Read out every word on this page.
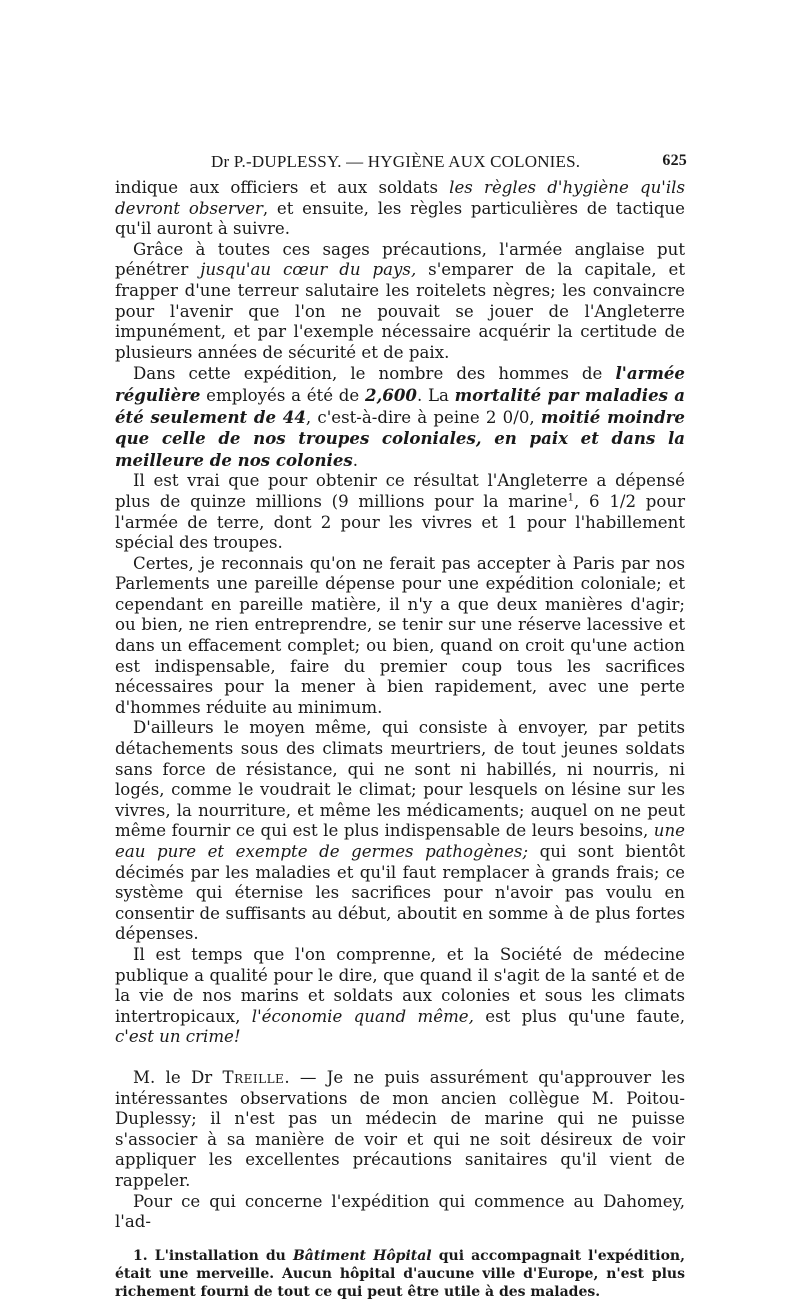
Dr P.-DUPLESSY. — HYGIÈNE AUX COLONIES.	625

indique aux officiers et aux soldats les règles d'hygiène qu'ils devront observer, et ensuite, les règles particulières de tactique qu'il auront à suivre.

Grâce à toutes ces sages précautions, l'armée anglaise put pénétrer jusqu'au cœur du pays, s'emparer de la capitale, et frapper d'une terreur salutaire les roitelets nègres; les convaincre pour l'avenir que l'on ne pouvait se jouer de l'Angleterre impunément, et par l'exemple nécessaire acquérir la certitude de plusieurs années de sécurité et de paix.

Dans cette expédition, le nombre des hommes de l'armée régulière employés a été de 2,600. La mortalité par maladies a été seulement de 44, c'est-à-dire à peine 2 0/0, moitié moindre que celle de nos troupes coloniales, en paix et dans la meilleure de nos colonies.

Il est vrai que pour obtenir ce résultat l'Angleterre a dépensé plus de quinze millions (9 millions pour la marine$^1$, 6 1/2 pour l'armée de terre, dont 2 pour les vivres et 1 pour l'habillement spécial des troupes.

Certes, je reconnais qu'on ne ferait pas accepter à Paris par nos Parlements une pareille dépense pour une expédition coloniale; et cependant en pareille matière, il n'y a que deux manières d'agir; ou bien, ne rien entreprendre, se tenir sur une réserve lacessive et dans un effacement complet; ou bien, quand on croit qu'une action est indispensable, faire du premier coup tous les sacrifices nécessaires pour la mener à bien rapidement, avec une perte d'hommes réduite au minimum.

D'ailleurs le moyen même, qui consiste à envoyer, par petits détachements sous des climats meurtriers, de tout jeunes soldats sans force de résistance, qui ne sont ni habillés, ni nourris, ni logés, comme le voudrait le climat; pour lesquels on lésine sur les vivres, la nourriture, et même les médicaments; auquel on ne peut même fournir ce qui est le plus indispensable de leurs besoins, une eau pure et exempte de germes pathogènes; qui sont bientôt décimés par les maladies et qu'il faut remplacer à grands frais; ce système qui éternise les sacrifices pour n'avoir pas voulu en consentir de suffisants au début, aboutit en somme à de plus fortes dépenses.

Il est temps que l'on comprenne, et la Société de médecine publique a qualité pour le dire, que quand il s'agit de la santé et de la vie de nos marins et soldats aux colonies et sous les climats intertropicaux, l'économie quand même, est plus qu'une faute, c'est un crime!

M. le Dr Treille. — Je ne puis assurément qu'approuver les intéressantes observations de mon ancien collègue M. Poitou-Duplessy; il n'est pas un médecin de marine qui ne puisse s'associer à sa manière de voir et qui ne soit désireux de voir appliquer les excellentes précautions sanitaires qu'il vient de rappeler.

Pour ce qui concerne l'expédition qui commence au Dahomey, l'ad-

1. L'installation du Bâtiment Hôpital qui accompagnait l'expédition, était une merveille. Aucun hôpital d'aucune ville d'Europe, n'est plus richement fourni de tout ce qui peut être utile à des malades.
